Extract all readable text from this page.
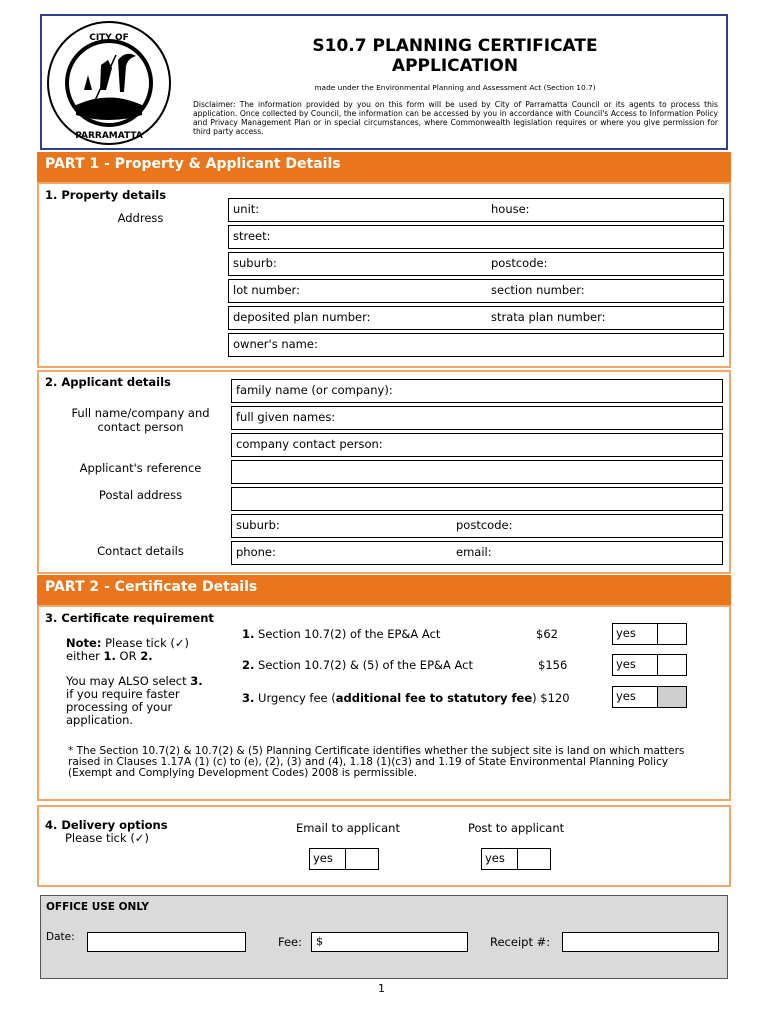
CITY OF
PARRAMATTA
S10.7 PLANNING CERTIFICATE
APPLICATION
made under the Environmental Planning and Assessment Act (Section 10.7)
Disclaimer: The information provided by you on this form will be used by City of Parramatta Council or its agents to process this application. Once collected by Council, the information can be accessed by you in accordance with Council's Access to Information Policy and Privacy Management Plan or in special circumstances, where Commonwealth legislation requires or where you give permission for third party access.
PART 1 - Property & Applicant Details
1. Property details
Address
unit:	house:
street:
suburb:	postcode:
lot number:	section number:
deposited plan number:	strata plan number:
owner's name:
2. Applicant details
Full name/company and
contact person
family name (or company):
full given names:
company contact person:
Applicant's reference
Postal address
suburb:	postcode:
Contact details	phone:	email:
PART 2 - Certificate Details
3. Certificate requirement
Note: Please tick (✓)
either 1. OR 2.
You may ALSO select 3.
if you require faster
processing of your
application.
1. Section 10.7(2) of the EP&A Act	$62	yes
2. Section 10.7(2) & (5) of the EP&A Act	$156	yes
3. Urgency fee (additional fee to statutory fee) $120	yes
* The Section 10.7(2) & 10.7(2) & (5) Planning Certificate identifies whether the subject site is land on which matters raised in Clauses 1.17A (1) (c) to (e), (2), (3) and (4), 1.18 (1)(c3) and 1.19 of State Environmental Planning Policy (Exempt and Complying Development Codes) 2008 is permissible.
4. Delivery options
Please tick (✓)
Email to applicant	Post to applicant
yes	yes
OFFICE USE ONLY
Date:	Fee:	$	Receipt #:
1
